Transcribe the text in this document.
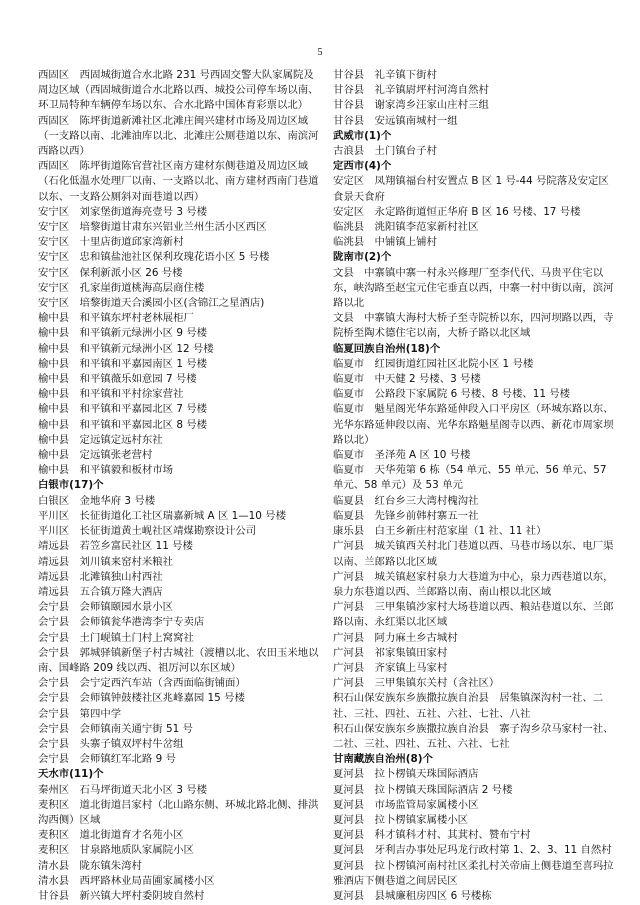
5
西固区　西固城街道合水北路 231 号西固交警大队家属院及周边区域（西固城街道合水北路以西、城投公司停车场以南、环卫局特种车辆停车场以东、合水北路中国体育彩票以北）
西固区　陈坪街道新滩社区北滩庄闽兴建材市场及周边区域（一支路以南、北滩油库以北、北滩庄公厕巷道以东、南滨河西路以西）
西固区　陈坪街道陈官营社区南方建材东侧巷道及周边区域（石化低温水处理厂以南、一支路以北、南方建材西南门巷道以东、一支路公厕斜对面巷道以西）
安宁区　刘家堡街道海亮壹号 3 号楼
安宁区　培黎街道甘肃东兴铝业兰州生活小区西区
安宁区　十里店街道邱家湾新村
安宁区　忠和镇盐池社区保利玫瑰花语小区 5 号楼
安宁区　保利新派小区 26 号楼
安宁区　孔家崖街道桃海高层商住楼
安宁区　培黎街道天合溪园小区(含锦江之星酒店)
榆中县　和平镇东坪村老林展柜厂
榆中县　和平镇新元绿洲小区 9 号楼
榆中县　和平镇新元绿洲小区 12 号楼
榆中县　和平镇和平嘉园南区 1 号楼
榆中县　和平镇薇乐如意园 7 号楼
榆中县　和平镇和平村徐家营社
榆中县　和平镇和平嘉园北区 7 号楼
榆中县　和平镇和平嘉园北区 8 号楼
榆中县　定远镇定远村东社
榆中县　定远镇张老营村
榆中县　和平镇毅和板材市场
白银市(17)个
白银区　金地华府 3 号楼
平川区　长征街道化工社区瑞嘉新城 A 区 1—10 号楼
平川区　长征街道黄土岘社区靖煤勘察设计公司
靖远县　若笠乡富民社区 11 号楼
靖远县　刘川镇来窑村米粮社
靖远县　北滩镇独山村西社
靖远县　五合镇万隆大酒店
会宁县　会师镇颐园水景小区
会宁县　会师镇瓮华港湾李宁专卖店
会宁县　土门岘镇土门村上窝窝社
会宁县　郭城驿镇新堡子村古城社（渡槽以北、农田玉米地以南、国峰路 209 线以西、祖厉河以东区域）
会宁县　会宁定西汽车站（含西面临街铺面）
会宁县　会师镇钟鼓楼社区兆峰嘉园 15 号楼
会宁县　第四中学
会宁县　会师镇南关通宁街 51 号
会宁县　头寨子镇双坪村牛岔组
会宁县　会师镇红军北路 9 号
天水市(11)个
秦州区　石马坪街道天北小区 3 号楼
麦积区　道北街道吕家村（北山路东侧、环城北路北侧、排洪沟西侧）区域
麦积区　道北街道育才名苑小区
麦积区　甘泉路地质队家属院小区
清水县　陇东镇朱湾村
清水县　西坪路林业局苗圃家属楼小区
甘谷县　新兴镇大坪村委阴坡自然村
甘谷县　礼辛镇下街村
甘谷县　礼辛镇尉坪村河湾自然村
甘谷县　谢家湾乡汪家山庄村三组
甘谷县　安远镇南城村一组
武威市(1)个
古浪县　土门镇台子村
定西市(4)个
安定区　凤翔镇福台村安置点 B 区 1 号-44 号院落及安定区食景天食府
安定区　永定路街道恒正华府 B 区 16 号楼、17 号楼
临洮县　洮阳镇李范家新村社区
临洮县　中铺镇上铺村
陇南市(2)个
文县　中寨镇中寨一村永兴修理厂至李代代、马贵平住宅以东，峡沟路至赵宝元住宅垂直以西，中寨一村中街以南，滨河路以北
文县　中寨镇大海村大桥子至寺院桥以东，四河坝路以西，寺院桥至陶术德住宅以南，大桥子路以北区域
临夏回族自治州(18)个
临夏市　红园街道红园社区北院小区 1 号楼
临夏市　中天健 2 号楼、3 号楼
临夏市　公路段下家属院 6 号楼、8 号楼、11 号楼
临夏市　魁星阁光华东路延伸段入口平房区（环城东路以东、光华东路延伸段以南、光华东路魁星阁寺以西、新花市周家坝路以北）
临夏市　圣泽苑 A 区 10 号楼
临夏市　天华苑第 6 栋（54 单元、55 单元、56 单元、57 单元、58 单元）及 53 单元
临夏县　红台乡三大湾村槐沟社
临夏县　先锋乡前韩村寨五一社
康乐县　白王乡新庄村范家崖（1 社、11 社）
广河县　城关镇西关村北门巷道以西、马巷市场以东、电厂渠以南、兰郎路以北区域
广河县　城关镇赵家村泉力大巷道为中心，泉力西巷道以东，泉力东巷道以西、兰郎路以南、南山根以北区域
广河县　三甲集镇沙家村大场巷道以西、粮站巷道以东、兰郎路以南、永红渠以北区域
广河县　阿力麻土乡古城村
广河县　祁家集镇田家村
广河县　齐家镇上马家村
广河县　三甲集镇东关村（含社区）
积石山保安族东乡族撒拉族自治县　居集镇深沟村一社、二社、三社、四社、五社、六社、七社、八社
积石山保安族东乡族撒拉族自治县　寨子沟乡尕马家村一社、二社、三社、四社、五社、六社、七社
甘南藏族自治州(8)个
夏河县　拉卜楞镇天珠国际酒店
夏河县　拉卜楞镇天珠国际酒店 2 号楼
夏河县　市场监管局家属楼小区
夏河县　拉卜楞镇家属楼小区
夏河县　科才镇科才村、其萁村、赞布宁村
夏河县　牙利吉办事处尼玛龙行政村第 1、2、3、11 自然村
夏河县　拉卜楞镇河南村社区柔扎村关帝庙上侧巷道至喜玛拉雅酒店下侧巷道之间居民区
夏河县　县城廉租房四区 6 号楼栋
